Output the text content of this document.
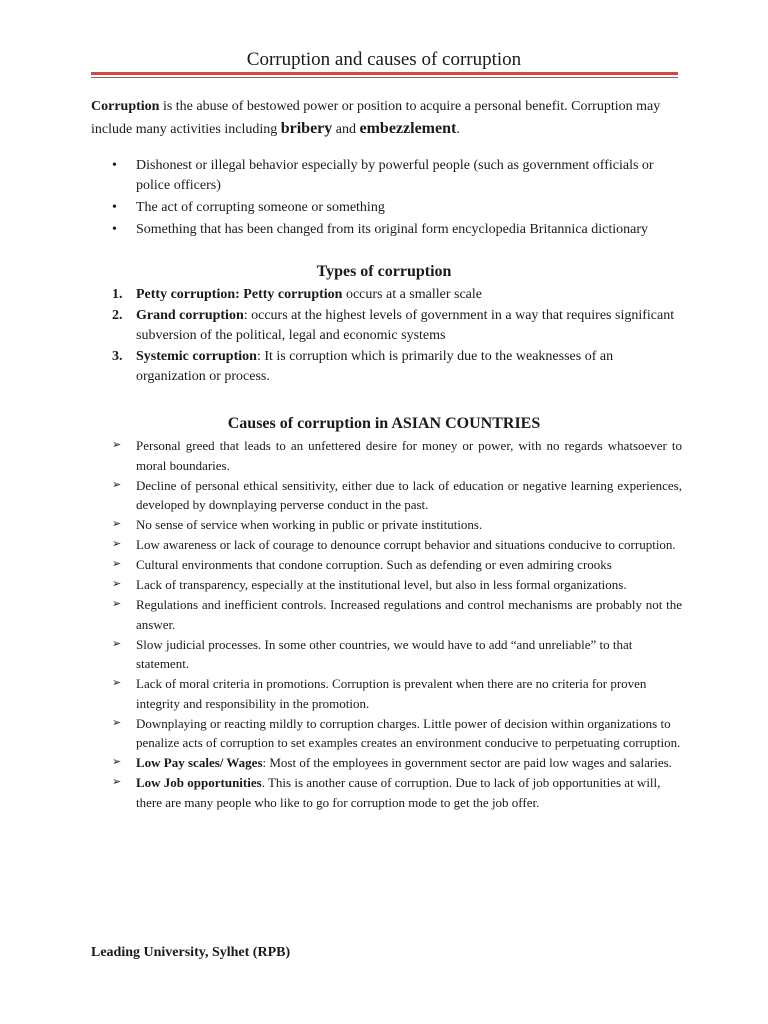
Corruption and causes of corruption
Corruption is the abuse of bestowed power or position to acquire a personal benefit. Corruption may include many activities including bribery and embezzlement.
• Dishonest or illegal behavior especially by powerful people (such as government officials or police officers)
• The act of corrupting someone or something
• Something that has been changed from its original form encyclopedia Britannica dictionary
Types of corruption
1. Petty corruption: Petty corruption occurs at a smaller scale
2. Grand corruption: occurs at the highest levels of government in a way that requires significant subversion of the political, legal and economic systems
3. Systemic corruption: It is corruption which is primarily due to the weaknesses of an organization or process.
Causes of corruption in ASIAN COUNTRIES
➢ Personal greed that leads to an unfettered desire for money or power, with no regards whatsoever to moral boundaries.
➢ Decline of personal ethical sensitivity, either due to lack of education or negative learning experiences, developed by downplaying perverse conduct in the past.
➢ No sense of service when working in public or private institutions.
➢ Low awareness or lack of courage to denounce corrupt behavior and situations conducive to corruption.
➢ Cultural environments that condone corruption. Such as defending or even admiring crooks
➢ Lack of transparency, especially at the institutional level, but also in less formal organizations.
➢ Regulations and inefficient controls. Increased regulations and control mechanisms are probably not the answer.
➢ Slow judicial processes. In some other countries, we would have to add “and unreliable” to that statement.
➢ Lack of moral criteria in promotions. Corruption is prevalent when there are no criteria for proven integrity and responsibility in the promotion.
➢ Downplaying or reacting mildly to corruption charges. Little power of decision within organizations to penalize acts of corruption to set examples creates an environment conducive to perpetuating corruption.
➢ Low Pay scales/ Wages: Most of the employees in government sector are paid low wages and salaries.
➢ Low Job opportunities. This is another cause of corruption. Due to lack of job opportunities at will, there are many people who like to go for corruption mode to get the job offer.
Leading University, Sylhet (RPB)
